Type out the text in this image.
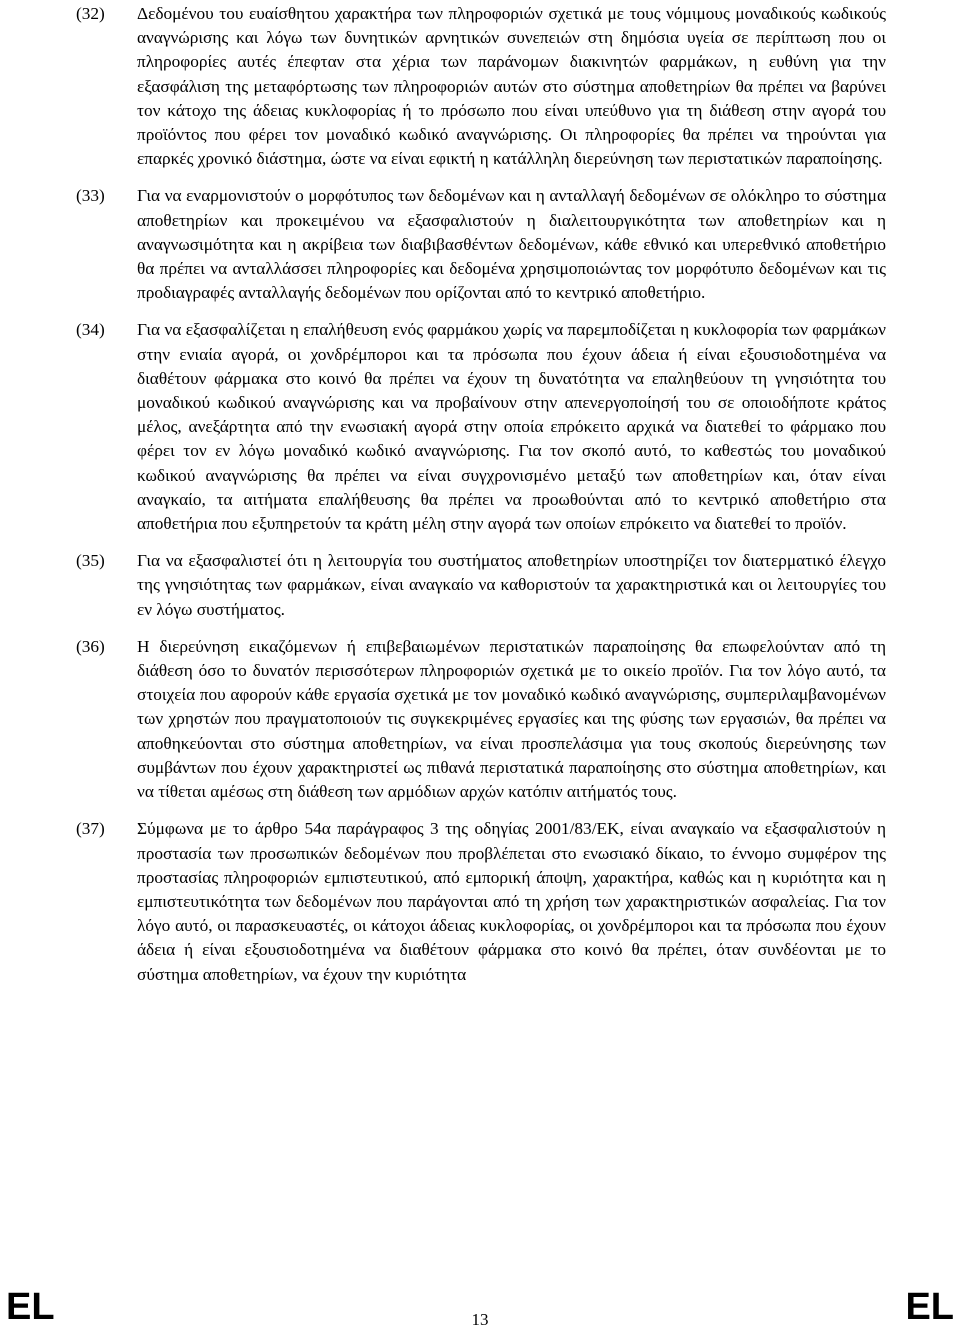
(32)	Δεδομένου του ευαίσθητου χαρακτήρα των πληροφοριών σχετικά με τους νόμιμους μοναδικούς κωδικούς αναγνώρισης και λόγω των δυνητικών αρνητικών συνεπειών στη δημόσια υγεία σε περίπτωση που οι πληροφορίες αυτές έπεφταν στα χέρια των παράνομων διακινητών φαρμάκων, η ευθύνη για την εξασφάλιση της μεταφόρτωσης των πληροφοριών αυτών στο σύστημα αποθετηρίων θα πρέπει να βαρύνει τον κάτοχο της άδειας κυκλοφορίας ή το πρόσωπο που είναι υπεύθυνο για τη διάθεση στην αγορά του προϊόντος που φέρει τον μοναδικό κωδικό αναγνώρισης. Οι πληροφορίες θα πρέπει να τηρούνται για επαρκές χρονικό διάστημα, ώστε να είναι εφικτή η κατάλληλη διερεύνηση των περιστατικών παραποίησης.
(33)	Για να εναρμονιστούν ο μορφότυπος των δεδομένων και η ανταλλαγή δεδομένων σε ολόκληρο το σύστημα αποθετηρίων και προκειμένου να εξασφαλιστούν η διαλειτουργικότητα των αποθετηρίων και η αναγνωσιμότητα και η ακρίβεια των διαβιβασθέντων δεδομένων, κάθε εθνικό και υπερεθνικό αποθετήριο θα πρέπει να ανταλλάσσει πληροφορίες και δεδομένα χρησιμοποιώντας τον μορφότυπο δεδομένων και τις προδιαγραφές ανταλλαγής δεδομένων που ορίζονται από το κεντρικό αποθετήριο.
(34)	Για να εξασφαλίζεται η επαλήθευση ενός φαρμάκου χωρίς να παρεμποδίζεται η κυκλοφορία των φαρμάκων στην ενιαία αγορά, οι χονδρέμποροι και τα πρόσωπα που έχουν άδεια ή είναι εξουσιοδοτημένα να διαθέτουν φάρμακα στο κοινό θα πρέπει να έχουν τη δυνατότητα να επαληθεύουν τη γνησιότητα του μοναδικού κωδικού αναγνώρισης και να προβαίνουν στην απενεργοποίησή του σε οποιοδήποτε κράτος μέλος, ανεξάρτητα από την ενωσιακή αγορά στην οποία επρόκειτο αρχικά να διατεθεί το φάρμακο που φέρει τον εν λόγω μοναδικό κωδικό αναγνώρισης. Για τον σκοπό αυτό, το καθεστώς του μοναδικού κωδικού αναγνώρισης θα πρέπει να είναι συγχρονισμένο μεταξύ των αποθετηρίων και, όταν είναι αναγκαίο, τα αιτήματα επαλήθευσης θα πρέπει να προωθούνται από το κεντρικό αποθετήριο στα αποθετήρια που εξυπηρετούν τα κράτη μέλη στην αγορά των οποίων επρόκειτο να διατεθεί το προϊόν.
(35)	Για να εξασφαλιστεί ότι η λειτουργία του συστήματος αποθετηρίων υποστηρίζει τον διατερματικό έλεγχο της γνησιότητας των φαρμάκων, είναι αναγκαίο να καθοριστούν τα χαρακτηριστικά και οι λειτουργίες του εν λόγω συστήματος.
(36)	Η διερεύνηση εικαζόμενων ή επιβεβαιωμένων περιστατικών παραποίησης θα επωφελούνταν από τη διάθεση όσο το δυνατόν περισσότερων πληροφοριών σχετικά με το οικείο προϊόν. Για τον λόγο αυτό, τα στοιχεία που αφορούν κάθε εργασία σχετικά με τον μοναδικό κωδικό αναγνώρισης, συμπεριλαμβανομένων των χρηστών που πραγματοποιούν τις συγκεκριμένες εργασίες και της φύσης των εργασιών, θα πρέπει να αποθηκεύονται στο σύστημα αποθετηρίων, να είναι προσπελάσιμα για τους σκοπούς διερεύνησης των συμβάντων που έχουν χαρακτηριστεί ως πιθανά περιστατικά παραποίησης στο σύστημα αποθετηρίων, και να τίθεται αμέσως στη διάθεση των αρμόδιων αρχών κατόπιν αιτήματός τους.
(37)	Σύμφωνα με το άρθρο 54α παράγραφος 3 της οδηγίας 2001/83/ΕΚ, είναι αναγκαίο να εξασφαλιστούν η προστασία των προσωπικών δεδομένων που προβλέπεται στο ενωσιακό δίκαιο, το έννομο συμφέρον της προστασίας πληροφοριών εμπιστευτικού, από εμπορική άποψη, χαρακτήρα, καθώς και η κυριότητα και η εμπιστευτικότητα των δεδομένων που παράγονται από τη χρήση των χαρακτηριστικών ασφαλείας. Για τον λόγο αυτό, οι παρασκευαστές, οι κάτοχοι άδειας κυκλοφορίας, οι χονδρέμποροι και τα πρόσωπα που έχουν άδεια ή είναι εξουσιοδοτημένα να διαθέτουν φάρμακα στο κοινό θα πρέπει, όταν συνδέονται με το σύστημα αποθετηρίων, να έχουν την κυριότητα
EL	13	EL
